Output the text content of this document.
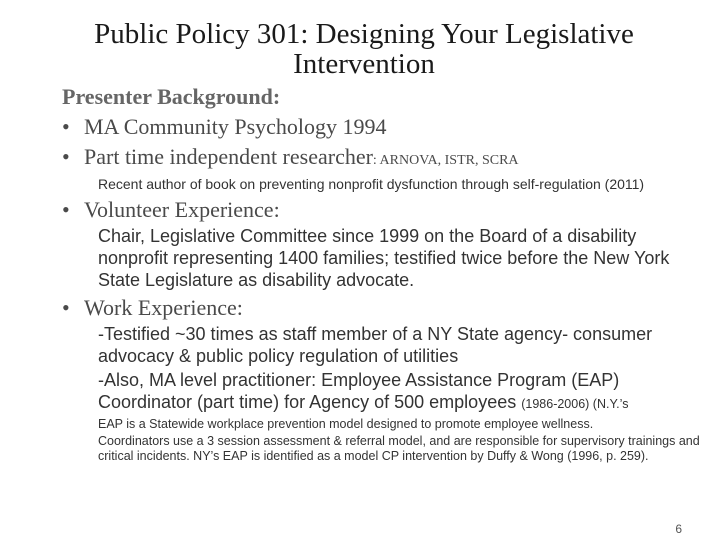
Public Policy 301: Designing Your Legislative
Intervention
Presenter Background:
• MA Community Psychology 1994
• Part time independent researcher: ARNOVA, ISTR, SCRA
Recent author of book on preventing nonprofit dysfunction through self-regulation (2011)
• Volunteer Experience:
Chair, Legislative Committee since 1999 on the Board of a disability nonprofit representing 1400 families; testified twice before the New York State Legislature as disability advocate.
• Work Experience:
-Testified ~30 times as staff member of a NY State agency- consumer advocacy & public policy regulation of utilities
-Also, MA level practitioner: Employee Assistance Program (EAP) Coordinator (part time) for Agency of 500 employees (1986-2006) (N.Y.’s
EAP is a Statewide workplace prevention model designed to promote employee wellness.
Coordinators use a 3 session assessment & referral model, and are responsible for supervisory trainings and critical incidents. NY’s EAP is identified as a model CP intervention by Duffy & Wong (1996, p. 259).
6
